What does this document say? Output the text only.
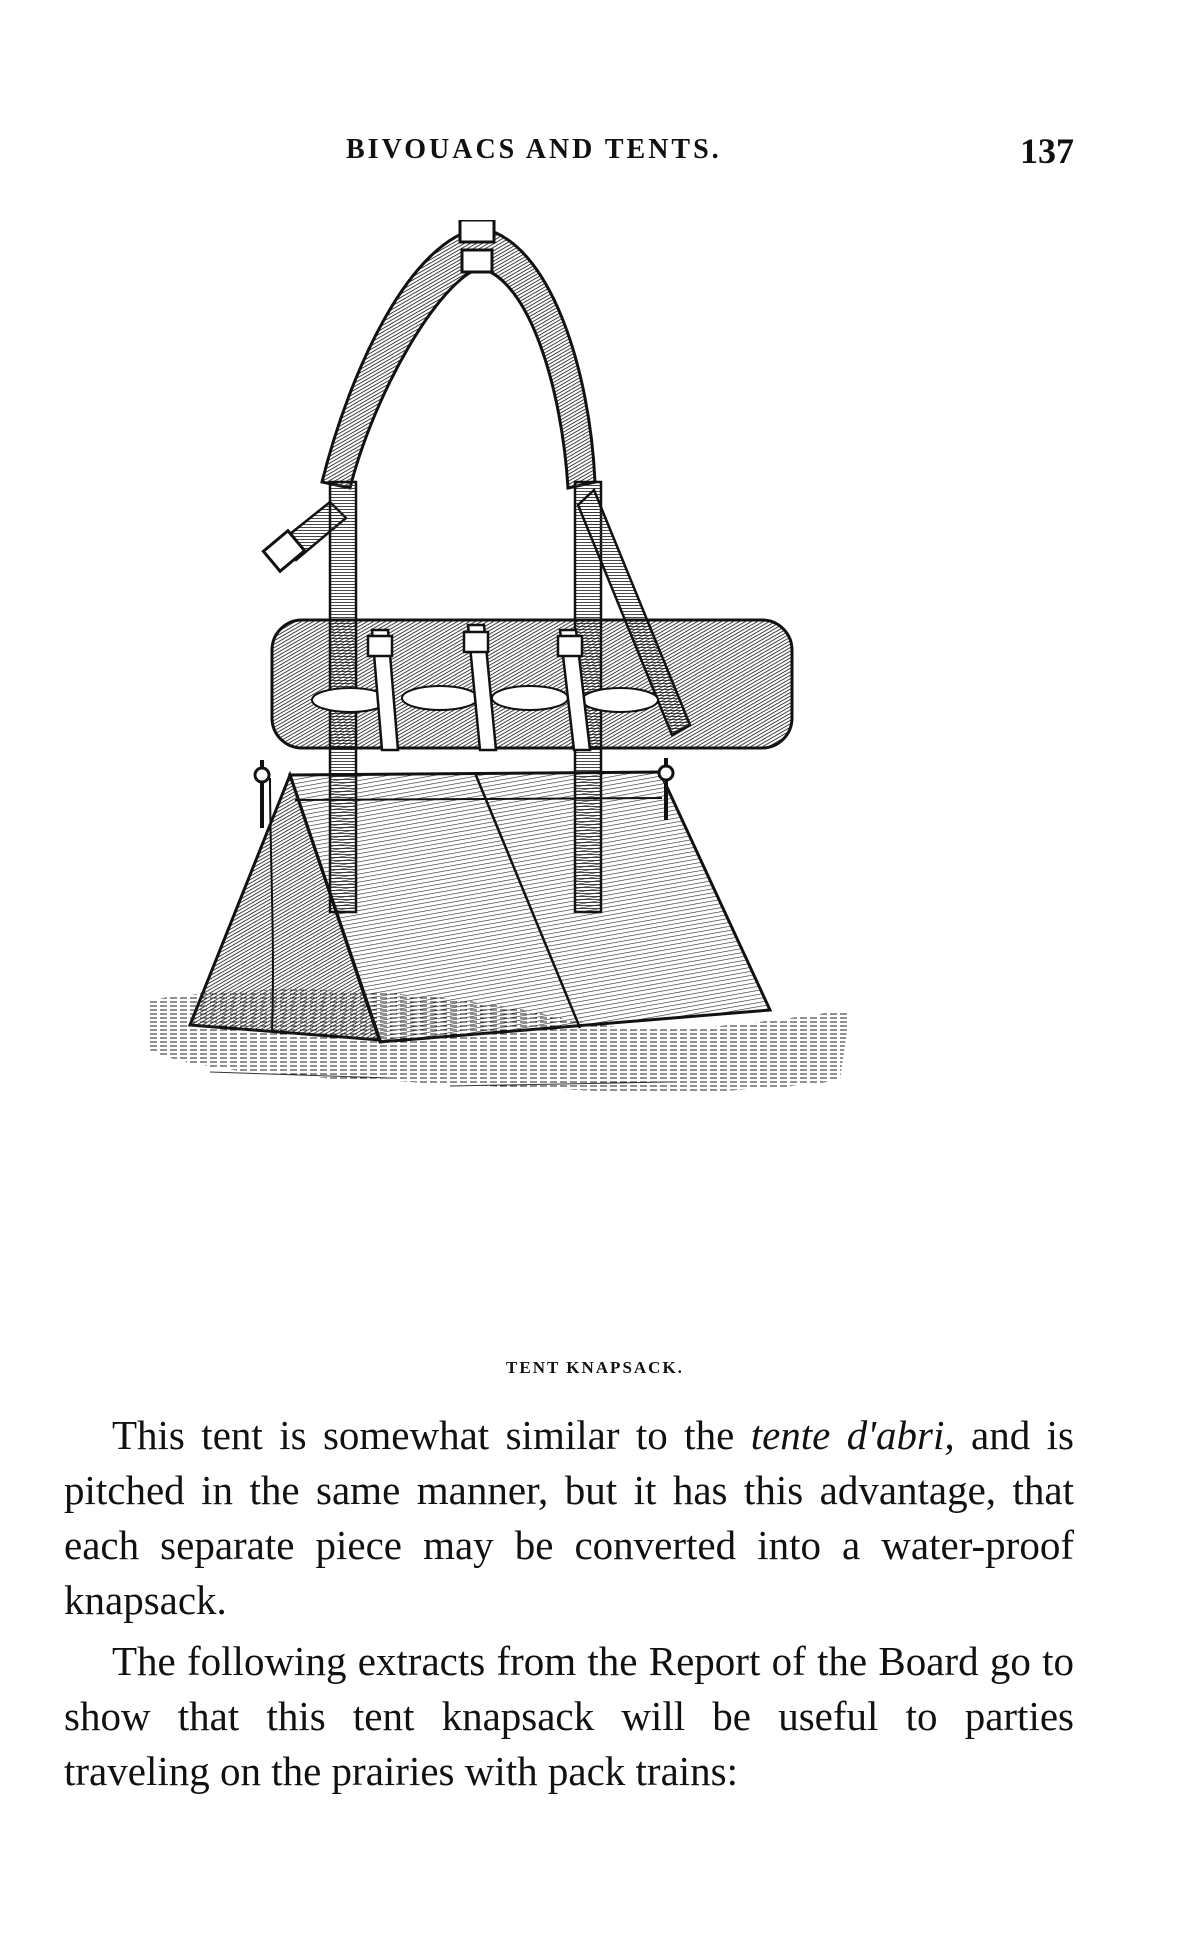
BIVOUACS AND TENTS.	137
TENT KNAPSACK.

This tent is somewhat similar to the tente d'abri, and is pitched in the same manner, but it has this advantage, that each separate piece may be converted into a water-proof knapsack.

The following extracts from the Report of the Board go to show that this tent knapsack will be useful to parties traveling on the prairies with pack trains:
